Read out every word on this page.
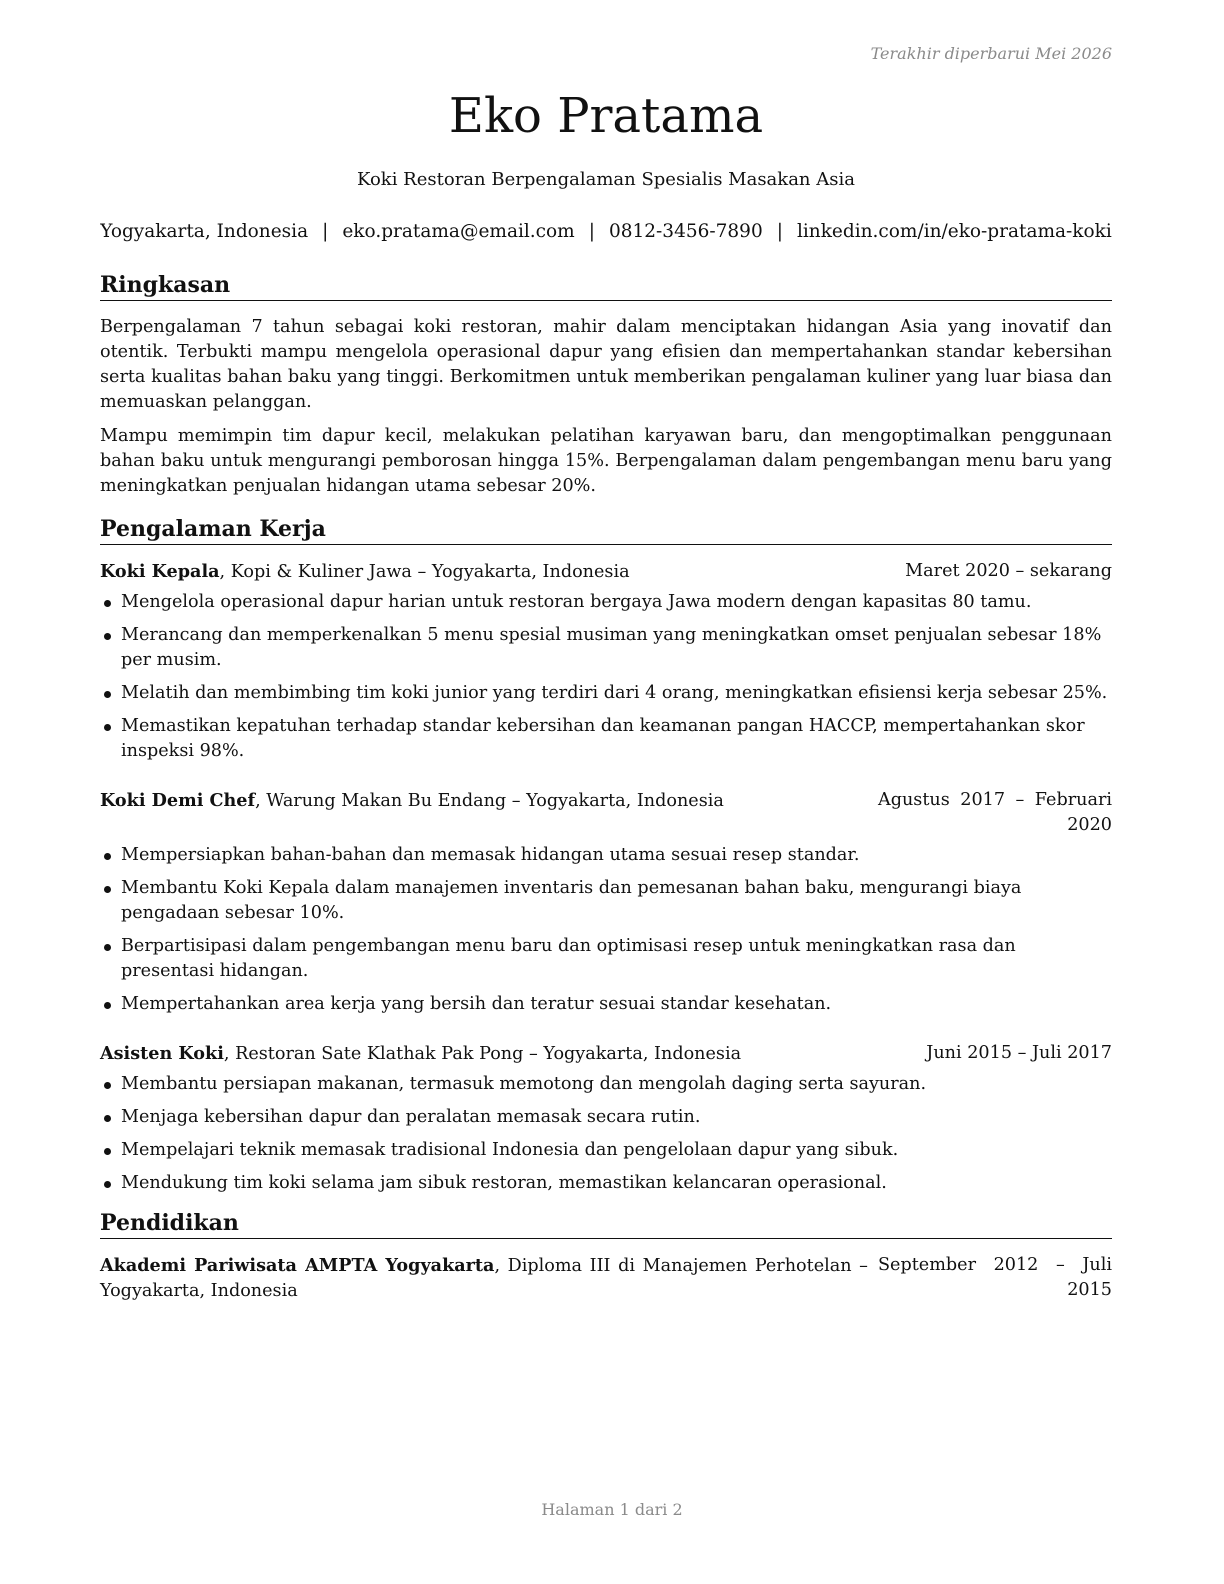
Terakhir diperbarui Mei 2026
Eko Pratama
Koki Restoran Berpengalaman Spesialis Masakan Asia
Yogyakarta, Indonesia | eko.pratama@email.com | 0812-3456-7890 | linkedin.com/in/eko-pratama-koki
Ringkasan

Berpengalaman 7 tahun sebagai koki restoran, mahir dalam menciptakan hidangan Asia yang inovatif dan otentik. Terbukti mampu mengelola operasional dapur yang efisien dan mempertahankan standar kebersihan serta kualitas bahan baku yang tinggi. Berkomitmen untuk memberikan pengalaman kuliner yang luar biasa dan memuaskan pelanggan.

Mampu memimpin tim dapur kecil, melakukan pelatihan karyawan baru, dan mengoptimalkan penggunaan bahan baku untuk mengurangi pemborosan hingga 15%. Berpengalaman dalam pengembangan menu baru yang meningkatkan penjualan hidangan utama sebesar 20%.

Pengalaman Kerja
Koki Kepala, Kopi & Kuliner Jawa – Yogyakarta, Indonesia	Maret 2020 – sekarang
Mengelola operasional dapur harian untuk restoran bergaya Jawa modern dengan kapasitas 80 tamu.
Merancang dan memperkenalkan 5 menu spesial musiman yang meningkatkan omset penjualan sebesar 18% per musim.
Melatih dan membimbing tim koki junior yang terdiri dari 4 orang, meningkatkan efisiensi kerja sebesar 25%.
Memastikan kepatuhan terhadap standar kebersihan dan keamanan pangan HACCP, mempertahankan skor inspeksi 98%.
Koki Demi Chef, Warung Makan Bu Endang – Yogyakarta, Indonesia	Agustus 2017 – Februari 2020
Mempersiapkan bahan-bahan dan memasak hidangan utama sesuai resep standar.
Membantu Koki Kepala dalam manajemen inventaris dan pemesanan bahan baku, mengurangi biaya pengadaan sebesar 10%.
Berpartisipasi dalam pengembangan menu baru dan optimisasi resep untuk meningkatkan rasa dan presentasi hidangan.
Mempertahankan area kerja yang bersih dan teratur sesuai standar kesehatan.
Asisten Koki, Restoran Sate Klathak Pak Pong – Yogyakarta, Indonesia	Juni 2015 – Juli 2017
Membantu persiapan makanan, termasuk memotong dan mengolah daging serta sayuran.
Menjaga kebersihan dapur dan peralatan memasak secara rutin.
Mempelajari teknik memasak tradisional Indonesia dan pengelolaan dapur yang sibuk.
Mendukung tim koki selama jam sibuk restoran, memastikan kelancaran operasional.
Pendidikan
Akademi Pariwisata AMPTA Yogyakarta, Diploma III di Manajemen Perhotelan – Yogyakarta, Indonesia
September 2012 – Juli 2015
Halaman 1 dari 2
